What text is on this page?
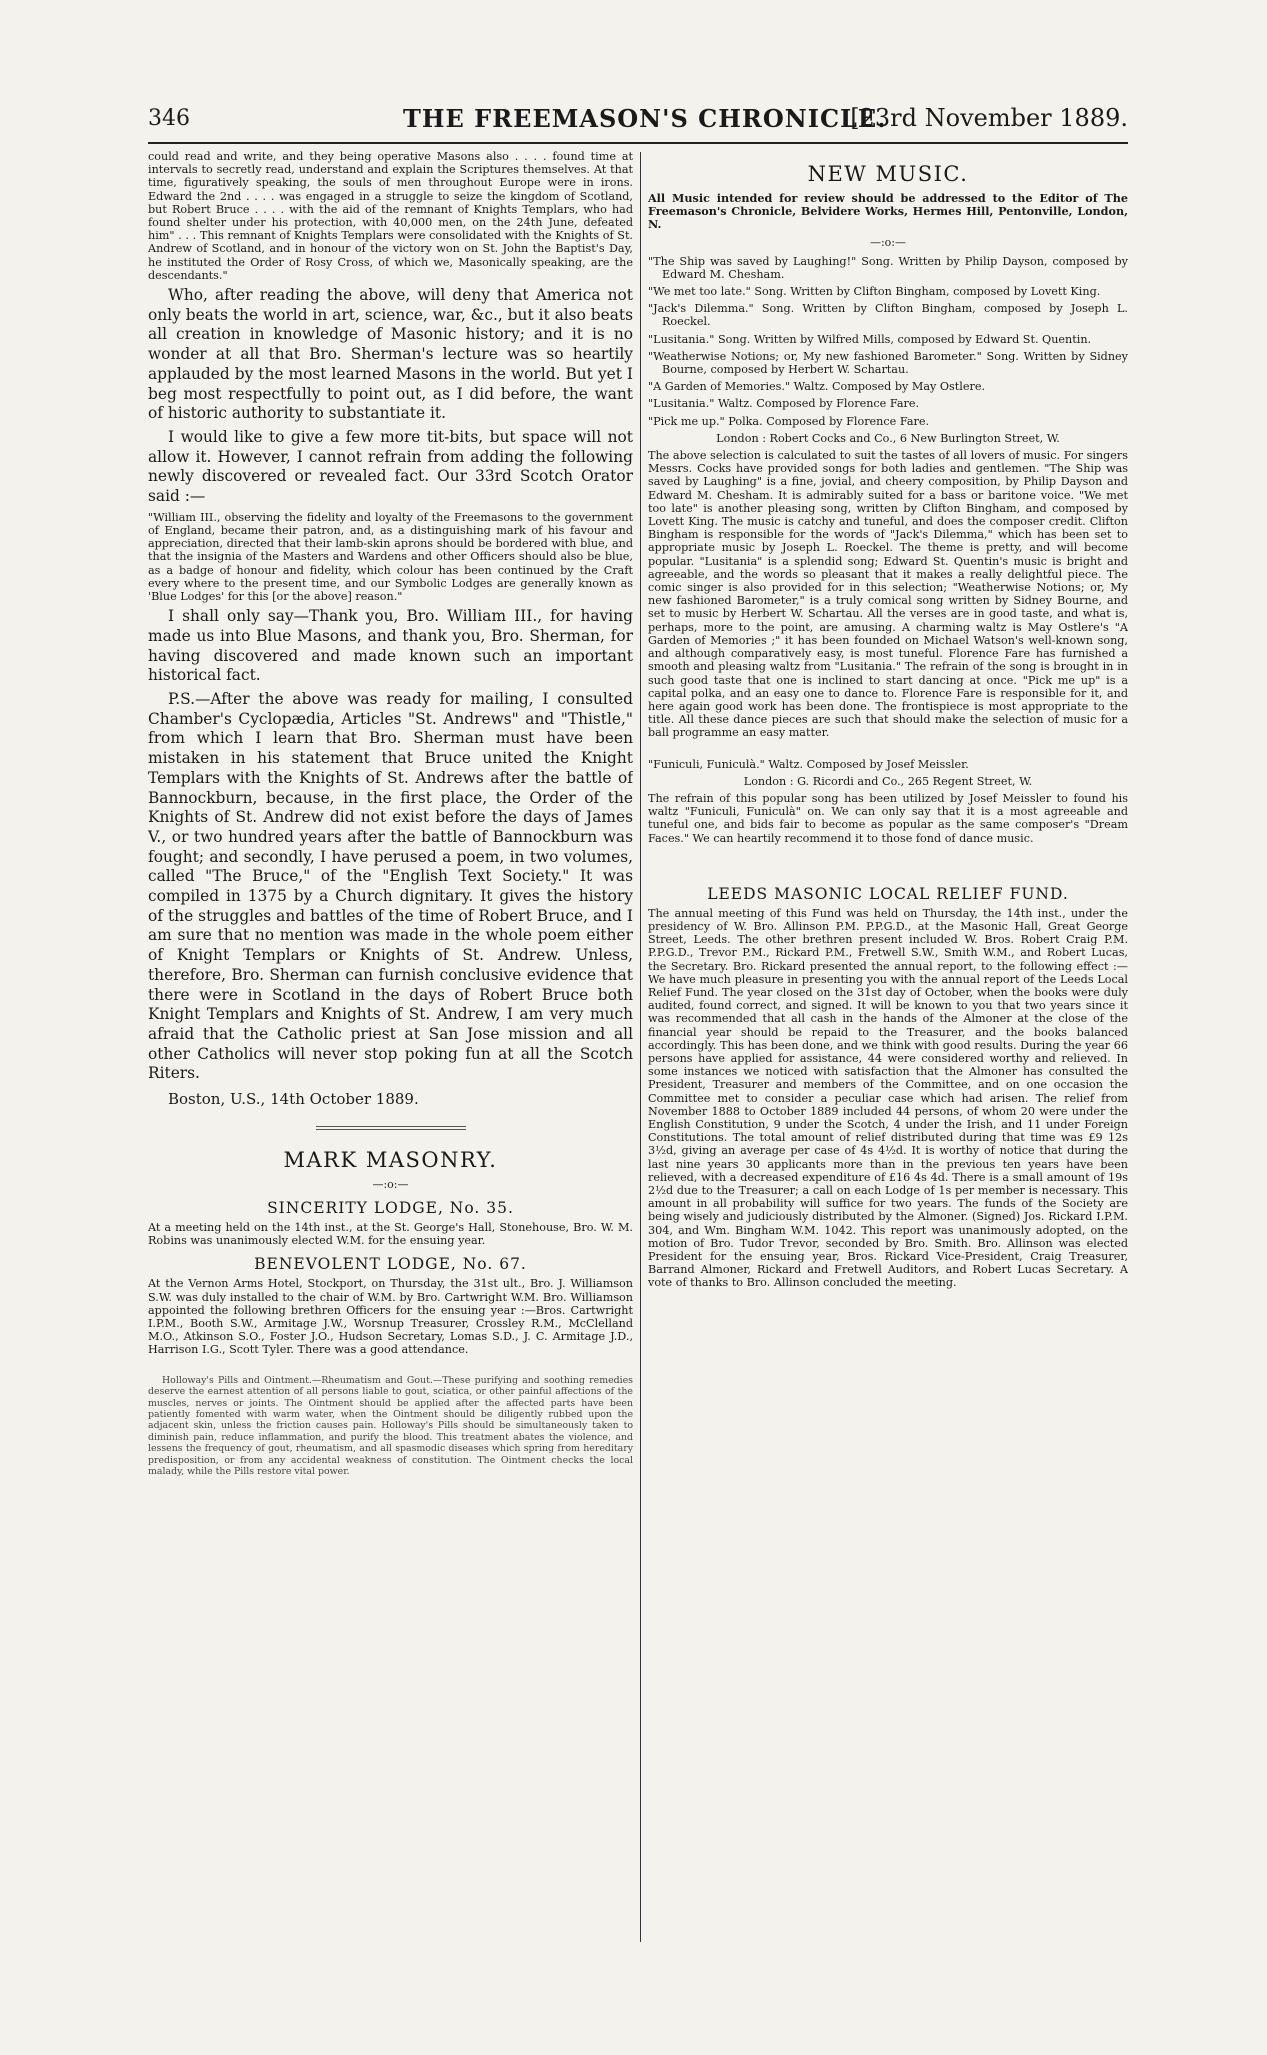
346	THE FREEMASON'S CHRONICLE.
[23rd November 1889.

could read and write, and they being operative Masons also . . . . found time at intervals to secretly read, understand and explain the Scriptures themselves. At that time, figuratively speaking, the souls of men throughout Europe were in irons. Edward the 2nd . . . . was engaged in a struggle to seize the kingdom of Scotland, but Robert Bruce . . . . with the aid of the remnant of Knights Templars, who had found shelter under his protection, with 40,000 men, on the 24th June, defeated him" . . . This remnant of Knights Templars were consolidated with the Knights of St. Andrew of Scotland, and in honour of the victory won on St. John the Baptist's Day, he instituted the Order of Rosy Cross, of which we, Masonically speaking, are the descendants."

Who, after reading the above, will deny that America not only beats the world in art, science, war, &c., but it also beats all creation in knowledge of Masonic history; and it is no wonder at all that Bro. Sherman's lecture was so heartily applauded by the most learned Masons in the world. But yet I beg most respectfully to point out, as I did before, the want of historic authority to substantiate it.

I would like to give a few more tit-bits, but space will not allow it. However, I cannot refrain from adding the following newly discovered or revealed fact. Our 33rd Scotch Orator said :—

"William III., observing the fidelity and loyalty of the Freemasons to the government of England, became their patron, and, as a distinguishing mark of his favour and appreciation, directed that their lamb-skin aprons should be bordered with blue, and that the insignia of the Masters and Wardens and other Officers should also be blue, as a badge of honour and fidelity, which colour has been continued by the Craft every where to the present time, and our Symbolic Lodges are generally known as 'Blue Lodges' for this [or the above] reason."

I shall only say—Thank you, Bro. William III., for having made us into Blue Masons, and thank you, Bro. Sherman, for having discovered and made known such an important historical fact.

P.S.—After the above was ready for mailing, I consulted Chamber's Cyclopædia, Articles "St. Andrews" and "Thistle," from which I learn that Bro. Sherman must have been mistaken in his statement that Bruce united the Knight Templars with the Knights of St. Andrews after the battle of Bannockburn, because, in the first place, the Order of the Knights of St. Andrew did not exist before the days of James V., or two hundred years after the battle of Bannockburn was fought; and secondly, I have perused a poem, in two volumes, called "The Bruce," of the "English Text Society." It was compiled in 1375 by a Church dignitary. It gives the history of the struggles and battles of the time of Robert Bruce, and I am sure that no mention was made in the whole poem either of Knight Templars or Knights of St. Andrew. Unless, therefore, Bro. Sherman can furnish conclusive evidence that there were in Scotland in the days of Robert Bruce both Knight Templars and Knights of St. Andrew, I am very much afraid that the Catholic priest at San Jose mission and all other Catholics will never stop poking fun at all the Scotch Riters.

Boston, U.S., 14th October 1889.

MARK MASONRY.
—:o:—
SINCERITY LODGE, No. 35.

At a meeting held on the 14th inst., at the St. George's Hall, Stonehouse, Bro. W. M. Robins was unanimously elected W.M. for the ensuing year.

BENEVOLENT LODGE, No. 67.

At the Vernon Arms Hotel, Stockport, on Thursday, the 31st ult., Bro. J. Williamson S.W. was duly installed to the chair of W.M. by Bro. Cartwright W.M. Bro. Williamson appointed the following brethren Officers for the ensuing year :—Bros. Cartwright I.P.M., Booth S.W., Armitage J.W., Worsnup Treasurer, Crossley R.M., McClelland M.O., Atkinson S.O., Foster J.O., Hudson Secretary, Lomas S.D., J. C. Armitage J.D., Harrison I.G., Scott Tyler. There was a good attendance.

Holloway's Pills and Ointment.—Rheumatism and Gout.—These purifying and soothing remedies deserve the earnest attention of all persons liable to gout, sciatica, or other painful affections of the muscles, nerves or joints. The Ointment should be applied after the affected parts have been patiently fomented with warm water, when the Ointment should be diligently rubbed upon the adjacent skin, unless the friction causes pain. Holloway's Pills should be simultaneously taken to diminish pain, reduce inflammation, and purify the blood. This treatment abates the violence, and lessens the frequency of gout, rheumatism, and all spasmodic diseases which spring from hereditary predisposition, or from any accidental weakness of constitution. The Ointment checks the local malady, while the Pills restore vital power.

NEW MUSIC.

All Music intended for review should be addressed to the Editor of The Freemason's Chronicle, Belvidere Works, Hermes Hill, Pentonville, London, N.

—:o:—

"The Ship was saved by Laughing!" Song. Written by Philip Dayson, composed by Edward M. Chesham.

"We met too late." Song. Written by Clifton Bingham, composed by Lovett King.

"Jack's Dilemma." Song. Written by Clifton Bingham, composed by Joseph L. Roeckel.

"Lusitania." Song. Written by Wilfred Mills, composed by Edward St. Quentin.

"Weatherwise Notions; or, My new fashioned Barometer." Song. Written by Sidney Bourne, composed by Herbert W. Schartau.

"A Garden of Memories." Waltz. Composed by May Ostlere.

"Lusitania." Waltz. Composed by Florence Fare.

"Pick me up." Polka. Composed by Florence Fare.

London : Robert Cocks and Co., 6 New Burlington Street, W.

The above selection is calculated to suit the tastes of all lovers of music. For singers Messrs. Cocks have provided songs for both ladies and gentlemen. "The Ship was saved by Laughing" is a fine, jovial, and cheery composition, by Philip Dayson and Edward M. Chesham. It is admirably suited for a bass or baritone voice. "We met too late" is another pleasing song, written by Clifton Bingham, and composed by Lovett King. The music is catchy and tuneful, and does the composer credit. Clifton Bingham is responsible for the words of "Jack's Dilemma," which has been set to appropriate music by Joseph L. Roeckel. The theme is pretty, and will become popular. "Lusitania" is a splendid song; Edward St. Quentin's music is bright and agreeable, and the words so pleasant that it makes a really delightful piece. The comic singer is also provided for in this selection; "Weatherwise Notions; or, My new fashioned Barometer," is a truly comical song written by Sidney Bourne, and set to music by Herbert W. Schartau. All the verses are in good taste, and what is, perhaps, more to the point, are amusing. A charming waltz is May Ostlere's "A Garden of Memories ;" it has been founded on Michael Watson's well-known song, and although comparatively easy, is most tuneful. Florence Fare has furnished a smooth and pleasing waltz from "Lusitania." The refrain of the song is brought in in such good taste that one is inclined to start dancing at once. "Pick me up" is a capital polka, and an easy one to dance to. Florence Fare is responsible for it, and here again good work has been done. The frontispiece is most appropriate to the title. All these dance pieces are such that should make the selection of music for a ball programme an easy matter.

"Funiculi, Funiculà." Waltz. Composed by Josef Meissler.

London : G. Ricordi and Co., 265 Regent Street, W.

The refrain of this popular song has been utilized by Josef Meissler to found his waltz "Funiculi, Funiculà" on. We can only say that it is a most agreeable and tuneful one, and bids fair to become as popular as the same composer's "Dream Faces." We can heartily recommend it to those fond of dance music.

LEEDS MASONIC LOCAL RELIEF FUND.

The annual meeting of this Fund was held on Thursday, the 14th inst., under the presidency of W. Bro. Allinson P.M. P.P.G.D., at the Masonic Hall, Great George Street, Leeds. The other brethren present included W. Bros. Robert Craig P.M. P.P.G.D., Trevor P.M., Rickard P.M., Fretwell S.W., Smith W.M., and Robert Lucas, the Secretary. Bro. Rickard presented the annual report, to the following effect :—We have much pleasure in presenting you with the annual report of the Leeds Local Relief Fund. The year closed on the 31st day of October, when the books were duly audited, found correct, and signed. It will be known to you that two years since it was recommended that all cash in the hands of the Almoner at the close of the financial year should be repaid to the Treasurer, and the books balanced accordingly. This has been done, and we think with good results. During the year 66 persons have applied for assistance, 44 were considered worthy and relieved. In some instances we noticed with satisfaction that the Almoner has consulted the President, Treasurer and members of the Committee, and on one occasion the Committee met to consider a peculiar case which had arisen. The relief from November 1888 to October 1889 included 44 persons, of whom 20 were under the English Constitution, 9 under the Scotch, 4 under the Irish, and 11 under Foreign Constitutions. The total amount of relief distributed during that time was £9 12s 3½d, giving an average per case of 4s 4½d. It is worthy of notice that during the last nine years 30 applicants more than in the previous ten years have been relieved, with a decreased expenditure of £16 4s 4d. There is a small amount of 19s 2½d due to the Treasurer; a call on each Lodge of 1s per member is necessary. This amount in all probability will suffice for two years. The funds of the Society are being wisely and judiciously distributed by the Almoner. (Signed) Jos. Rickard I.P.M. 304, and Wm. Bingham W.M. 1042. This report was unanimously adopted, on the motion of Bro. Tudor Trevor, seconded by Bro. Smith. Bro. Allinson was elected President for the ensuing year, Bros. Rickard Vice-President, Craig Treasurer, Barrand Almoner, Rickard and Fretwell Auditors, and Robert Lucas Secretary. A vote of thanks to Bro. Allinson concluded the meeting.
